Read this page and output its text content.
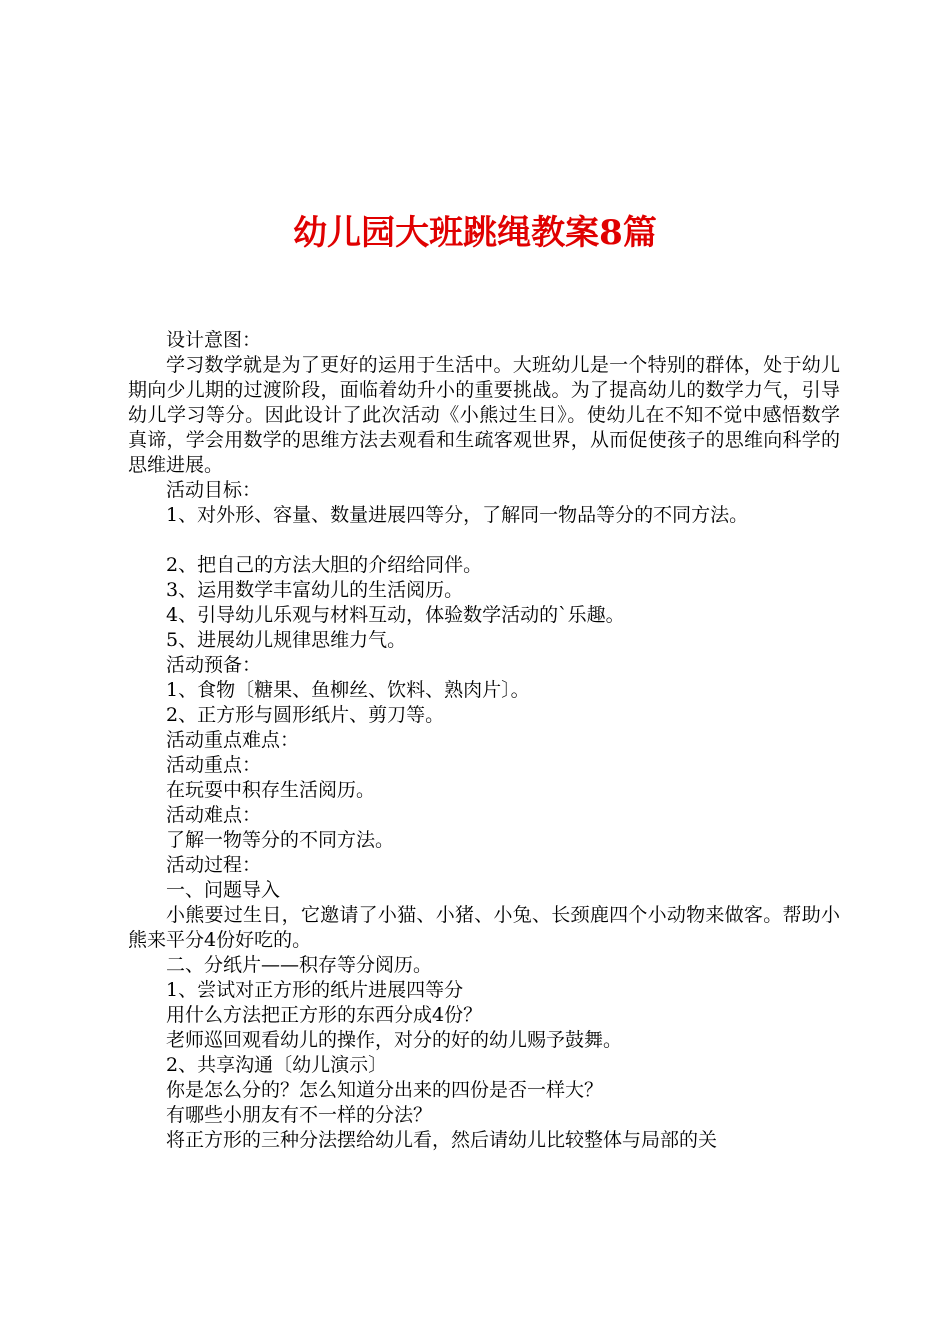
幼儿园大班跳绳教案8篇

设计意图：

学习数学就是为了更好的运用于生活中。大班幼儿是一个特别的群体，处于幼儿期向少儿期的过渡阶段，面临着幼升小的重要挑战。为了提高幼儿的数学力气，引导幼儿学习等分。因此设计了此次活动《小熊过生日》。使幼儿在不知不觉中感悟数学真谛，学会用数学的思维方法去观看和生疏客观世界，从而促使孩子的思维向科学的思维进展。

活动目标：

1、对外形、容量、数量进展四等分，了解同一物品等分的不同方法。

2、把自己的方法大胆的介绍给同伴。

3、运用数学丰富幼儿的生活阅历。

4、引导幼儿乐观与材料互动，体验数学活动的`乐趣。

5、进展幼儿规律思维力气。

活动预备：

1、食物〔糖果、鱼柳丝、饮料、熟肉片〕。

2、正方形与圆形纸片、剪刀等。

活动重点难点：

活动重点：

在玩耍中积存生活阅历。

活动难点：

了解一物等分的不同方法。

活动过程：

一、问题导入

小熊要过生日，它邀请了小猫、小猪、小兔、长颈鹿四个小动物来做客。帮助小熊来平分4份好吃的。

二、分纸片——积存等分阅历。

1、尝试对正方形的纸片进展四等分

用什么方法把正方形的东西分成4份？

老师巡回观看幼儿的操作，对分的好的幼儿赐予鼓舞。

2、共享沟通〔幼儿演示〕

你是怎么分的？怎么知道分出来的四份是否一样大？

有哪些小朋友有不一样的分法？

将正方形的三种分法摆给幼儿看，然后请幼儿比较整体与局部的关
